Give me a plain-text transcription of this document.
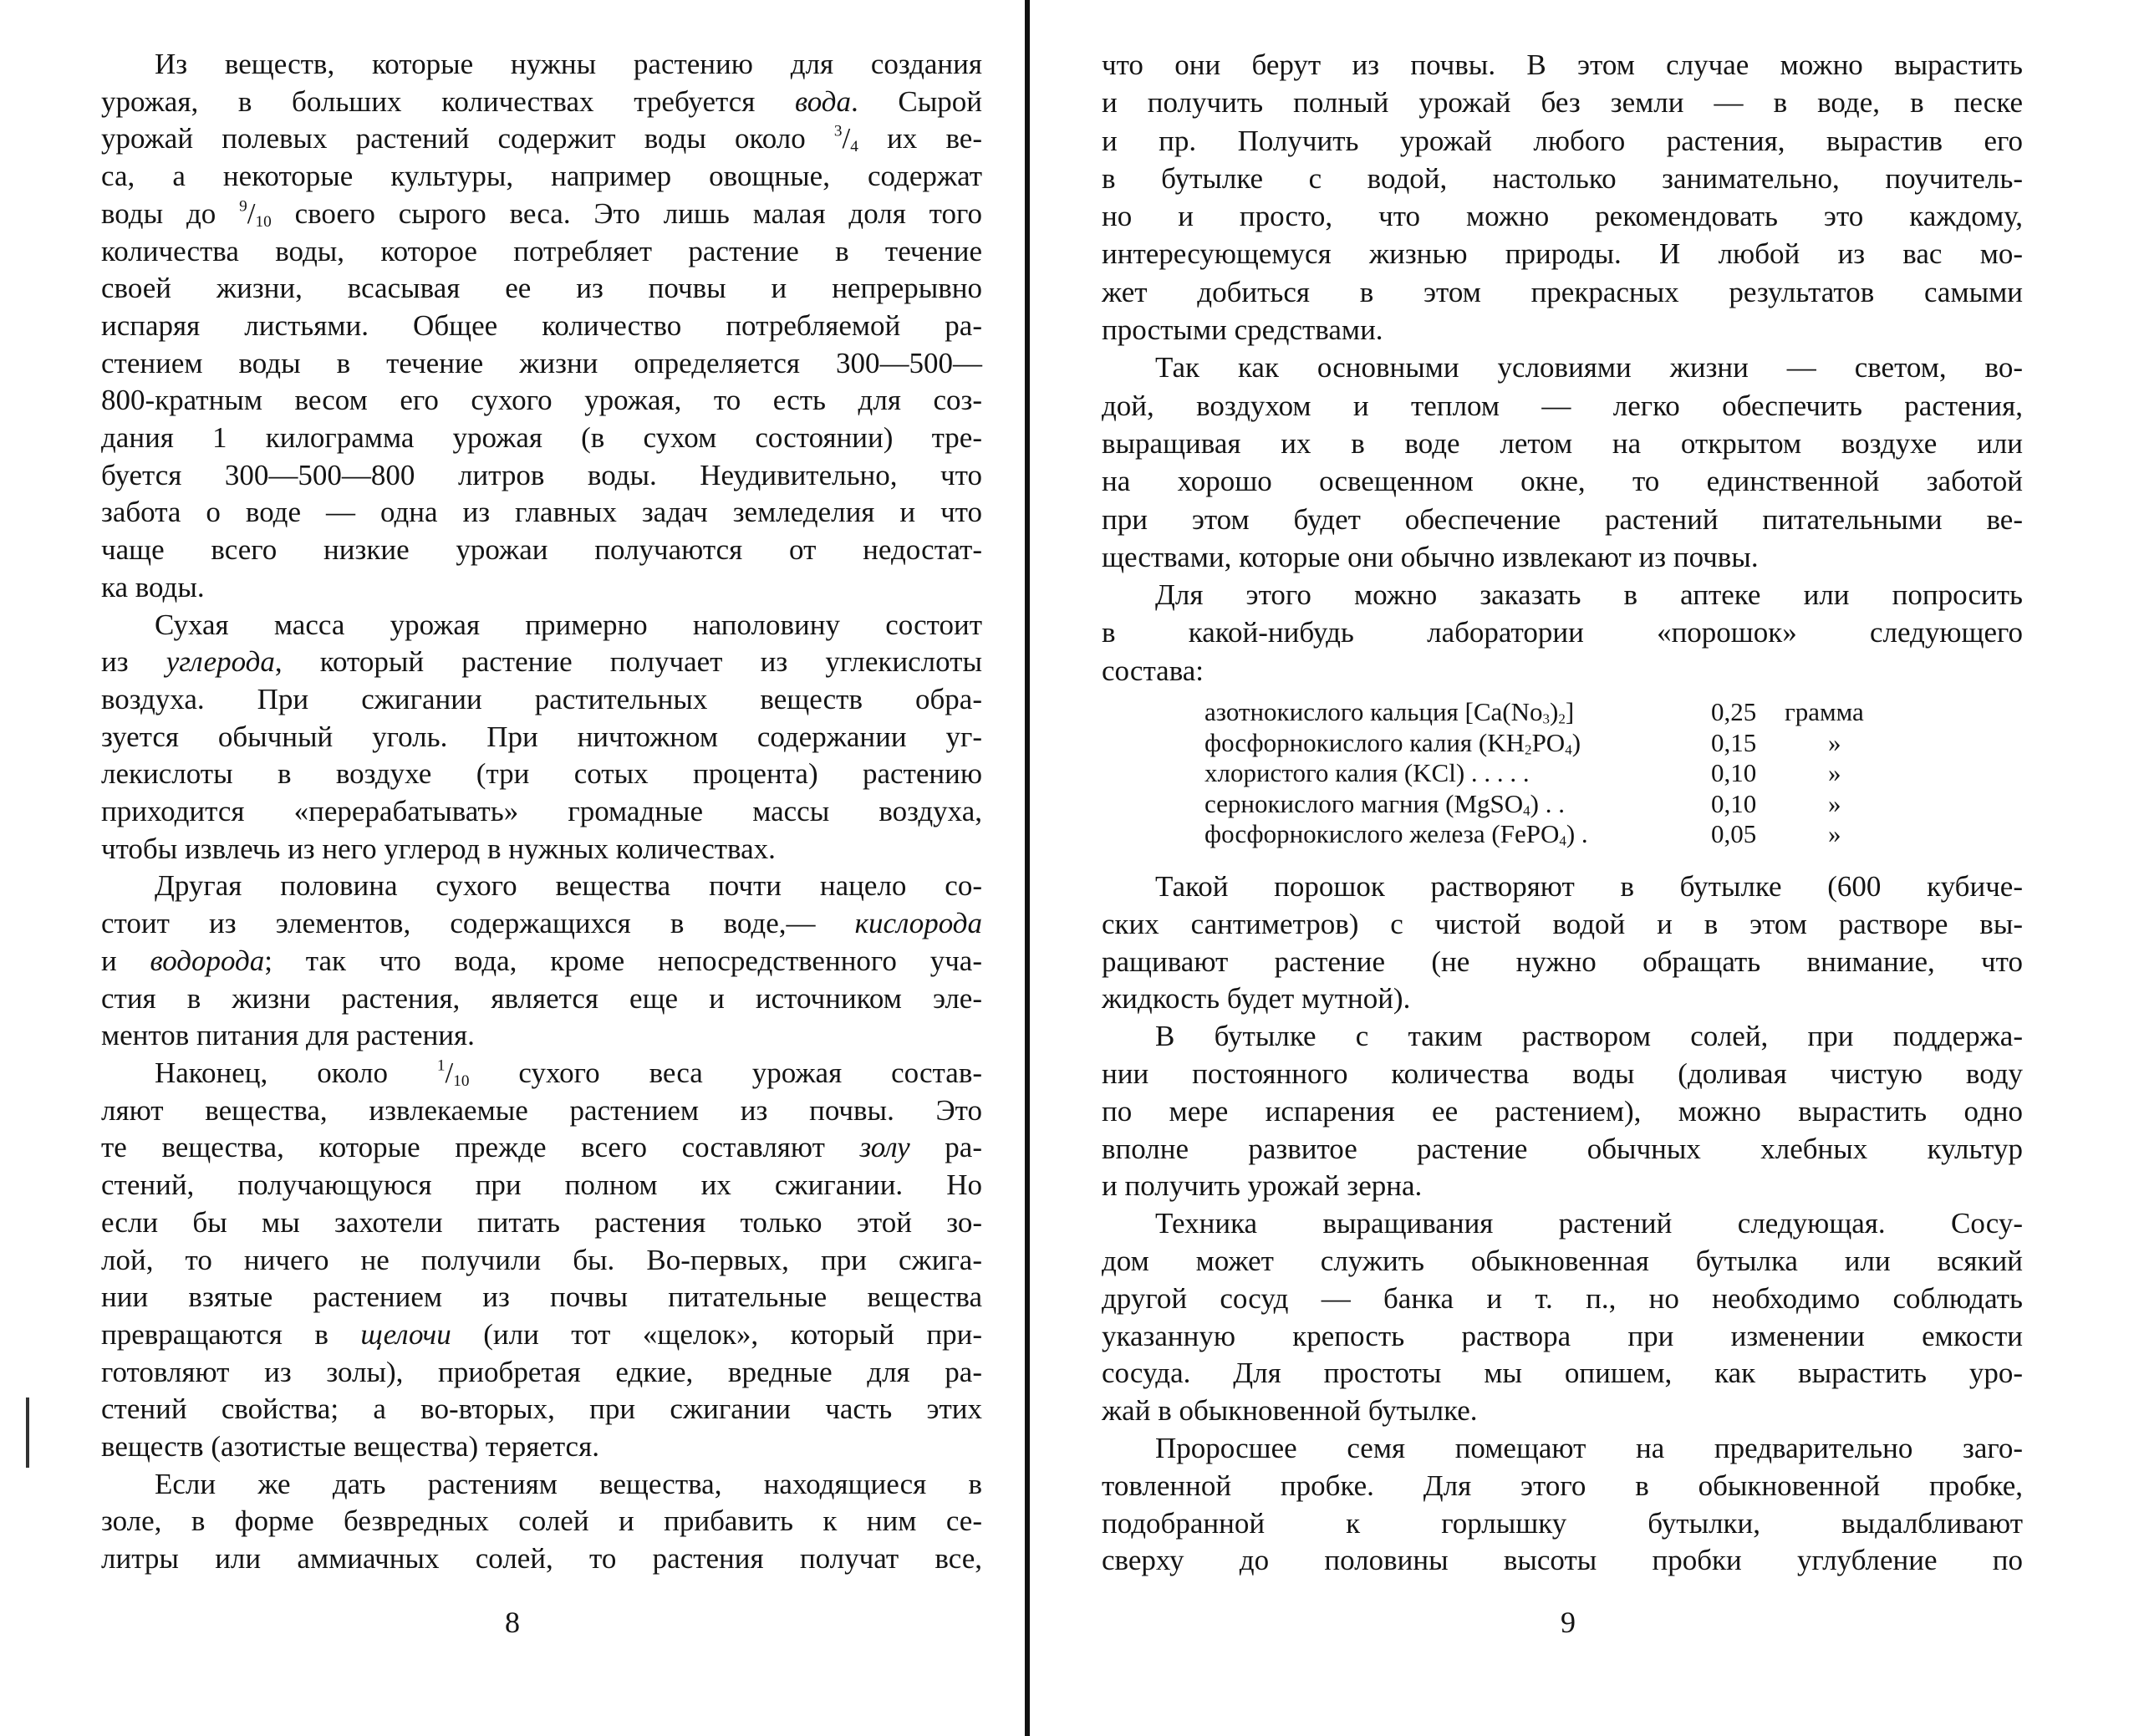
Из веществ, которые нужны растению для создания
урожая, в больших количествах требуется вода. Сырой
урожай полевых растений содержит воды около $^3/_4$ их ве-
са, а некоторые культуры, например овощные, содержат
воды до $^9/_{10}$ своего сырого веса. Это лишь малая доля того
количества воды, которое потребляет растение в течение
своей жизни, всасывая ее из почвы и непрерывно
испаряя листьями. Общее количество потребляемой ра-
стением воды в течение жизни определяется 300—500—
800-кратным весом его сухого урожая, то есть для соз-
дания 1 килограмма урожая (в сухом состоянии) тре-
буется 300—500—800 литров воды. Неудивительно, что
забота о воде — одна из главных задач земледелия и что
чаще всего низкие урожаи получаются от недостат-
ка воды.
Сухая масса урожая примерно наполовину состоит
из углерода, который растение получает из углекислоты
воздуха. При сжигании растительных веществ обра-
зуется обычный уголь. При ничтожном содержании уг-
лекислоты в воздухе (три сотых процента) растению
приходится «перерабатывать» громадные массы воздуха,
чтобы извлечь из него углерод в нужных количествах.
Другая половина сухого вещества почти нацело со-
стоит из элементов, содержащихся в воде,— кислорода
и водорода; так что вода, кроме непосредственного уча-
стия в жизни растения, является еще и источником эле-
ментов питания для растения.
Наконец, около $^1/_{10}$ сухого веса урожая состав-
ляют вещества, извлекаемые растением из почвы. Это
те вещества, которые прежде всего составляют золу ра-
стений, получающуюся при полном их сжигании. Но
если бы мы захотели питать растения только этой зо-
лой, то ничего не получили бы. Во-первых, при сжига-
нии взятые растением из почвы питательные вещества
превращаются в щелочи (или тот «щелок», который при-
готовляют из золы), приобретая едкие, вредные для ра-
стений свойства; а во-вторых, при сжигании часть этих
веществ (азотистые вещества) теряется.
Если же дать растениям вещества, находящиеся в
золе, в форме безвредных солей и прибавить к ним се-
литры или аммиачных солей, то растения получат все,
8
что они берут из почвы. В этом случае можно вырастить
и получить полный урожай без земли — в воде, в песке
и пр. Получить урожай любого растения, вырастив его
в бутылке с водой, настолько занимательно, поучитель-
но и просто, что можно рекомендовать это каждому,
интересующемуся жизнью природы. И любой из вас мо-
жет добиться в этом прекрасных результатов самыми
простыми средствами.
Так как основными условиями жизни — светом, во-
дой, воздухом и теплом — легко обеспечить растения,
выращивая их в воде летом на открытом воздухе или
на хорошо освещенном окне, то единственной заботой
при этом будет обеспечение растений питательными ве-
ществами, которые они обычно извлекают из почвы.
Для этого можно заказать в аптеке или попросить
в какой-нибудь лаборатории «порошок» следующего
состава:
азотнокислого кальция $[Ca(No_3)_2]$	0,25	грамма
фосфорнокислого калия $(KH_2PO_4)$	0,15	»
хлористого калия (KCl) . . . . .	0,10	»
сернокислого магния (MgSO$_4$) . .	0,10	»
фосфорнокислого железа (FePO$_4$) .	0,05	»
Такой порошок растворяют в бутылке (600 кубиче-
ских сантиметров) с чистой водой и в этом растворе вы-
ращивают растение (не нужно обращать внимание, что
жидкость будет мутной).
В бутылке с таким раствором солей, при поддержа-
нии постоянного количества воды (доливая чистую воду
по мере испарения ее растением), можно вырастить одно
вполне развитое растение обычных хлебных культур
и получить урожай зерна.
Техника выращивания растений следующая. Сосу-
дом может служить обыкновенная бутылка или всякий
другой сосуд — банка и т. п., но необходимо соблюдать
указанную крепость раствора при изменении емкости
сосуда. Для простоты мы опишем, как вырастить уро-
жай в обыкновенной бутылке.
Проросшее семя помещают на предварительно заго-
товленной пробке. Для этого в обыкновенной пробке,
подобранной к горлышку бутылки, выдалбливают
сверху до половины высоты пробки углубление по
9
